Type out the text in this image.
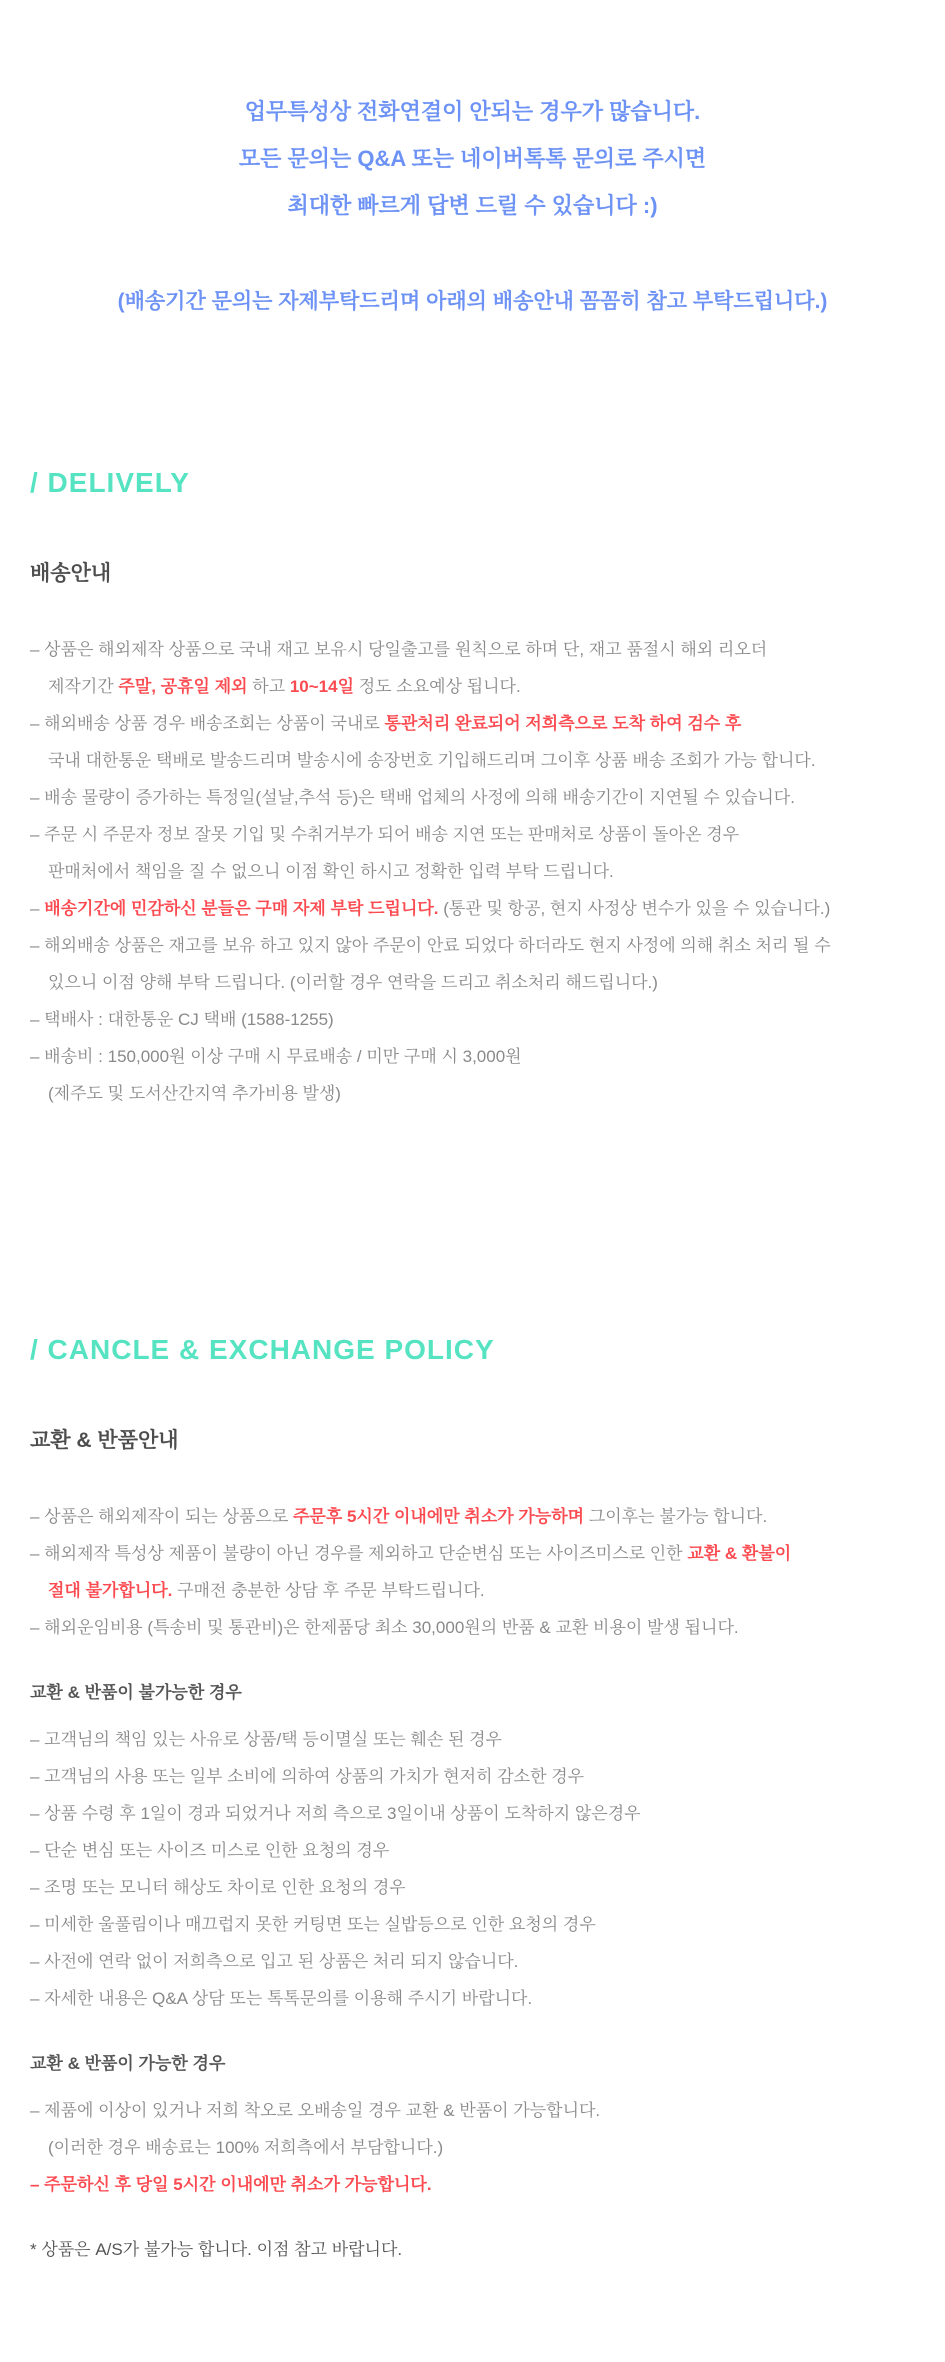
업무특성상 전화연결이 안되는 경우가 많습니다.
모든 문의는 Q&A 또는 네이버톡톡 문의로 주시면
최대한 빠르게 답변 드릴 수 있습니다 :)
(배송기간 문의는 자제부탁드리며 아래의 배송안내 꼼꼼히 참고 부탁드립니다.)
/ DELIVELY
배송안내
– 상품은 해외제작 상품으로 국내 재고 보유시 당일출고를 원칙으로 하며 단, 재고 품절시 해외 리오더
제작기간 주말, 공휴일 제외 하고 10~14일 정도 소요예상 됩니다.
– 해외배송 상품 경우 배송조회는 상품이 국내로 통관처리 완료되어 저희측으로 도착 하여 검수 후
국내 대한통운 택배로 발송드리며 발송시에 송장번호 기입해드리며 그이후 상품 배송 조회가 가능 합니다.
– 배송 물량이 증가하는 특정일(설날,추석 등)은 택배 업체의 사정에 의해 배송기간이 지연될 수 있습니다.
– 주문 시 주문자 정보 잘못 기입 및 수취거부가 되어 배송 지연 또는 판매처로 상품이 돌아온 경우
판매처에서 책임을 질 수 없으니 이점 확인 하시고 정확한 입력 부탁 드립니다.
– 배송기간에 민감하신 분들은 구매 자제 부탁 드립니다. (통관 및 항공, 현지 사정상 변수가 있을 수 있습니다.)
– 해외배송 상품은 재고를 보유 하고 있지 않아 주문이 안료 되었다 하더라도 현지 사정에 의해 취소 처리 될 수
있으니 이점 양해 부탁 드립니다. (이러할 경우 연락을 드리고 취소처리 해드립니다.)
– 택배사 : 대한통운 CJ 택배 (1588-1255)
– 배송비 : 150,000원 이상 구매 시 무료배송 / 미만 구매 시 3,000원
(제주도 및 도서산간지역 추가비용 발생)
/ CANCLE & EXCHANGE POLICY
교환 & 반품안내
– 상품은 해외제작이 되는 상품으로 주문후 5시간 이내에만 취소가 가능하며 그이후는 불가능 합니다.
– 해외제작 특성상 제품이 불량이 아닌 경우를 제외하고 단순변심 또는 사이즈미스로 인한 교환 & 환불이
절대 불가합니다. 구매전 충분한 상담 후 주문 부탁드립니다.
– 해외운임비용 (특송비 및 통관비)은 한제품당 최소 30,000원의 반품 & 교환 비용이 발생 됩니다.
교환 & 반품이 불가능한 경우
– 고객님의 책임 있는 사유로 상품/택 등이멸실 또는 훼손 된 경우
– 고객님의 사용 또는 일부 소비에 의하여 상품의 가치가 현저히 감소한 경우
– 상품 수령 후 1일이 경과 되었거나 저희 측으로 3일이내 상품이 도착하지 않은경우
– 단순 변심 또는 사이즈 미스로 인한 요청의 경우
– 조명 또는 모니터 해상도 차이로 인한 요청의 경우
– 미세한 울풀림이나 매끄럽지 못한 커팅면 또는 실밥등으로 인한 요청의 경우
– 사전에 연락 없이 저희측으로 입고 된 상품은 처리 되지 않습니다.
– 자세한 내용은 Q&A 상담 또는 톡톡문의를 이용해 주시기 바랍니다.
교환 & 반품이 가능한 경우
– 제품에 이상이 있거나 저희 착오로 오배송일 경우 교환 & 반품이 가능합니다.
(이러한 경우 배송료는 100% 저희측에서 부담합니다.)
– 주문하신 후 당일 5시간 이내에만 취소가 가능합니다.
* 상품은 A/S가 불가능 합니다. 이점 참고 바랍니다.
